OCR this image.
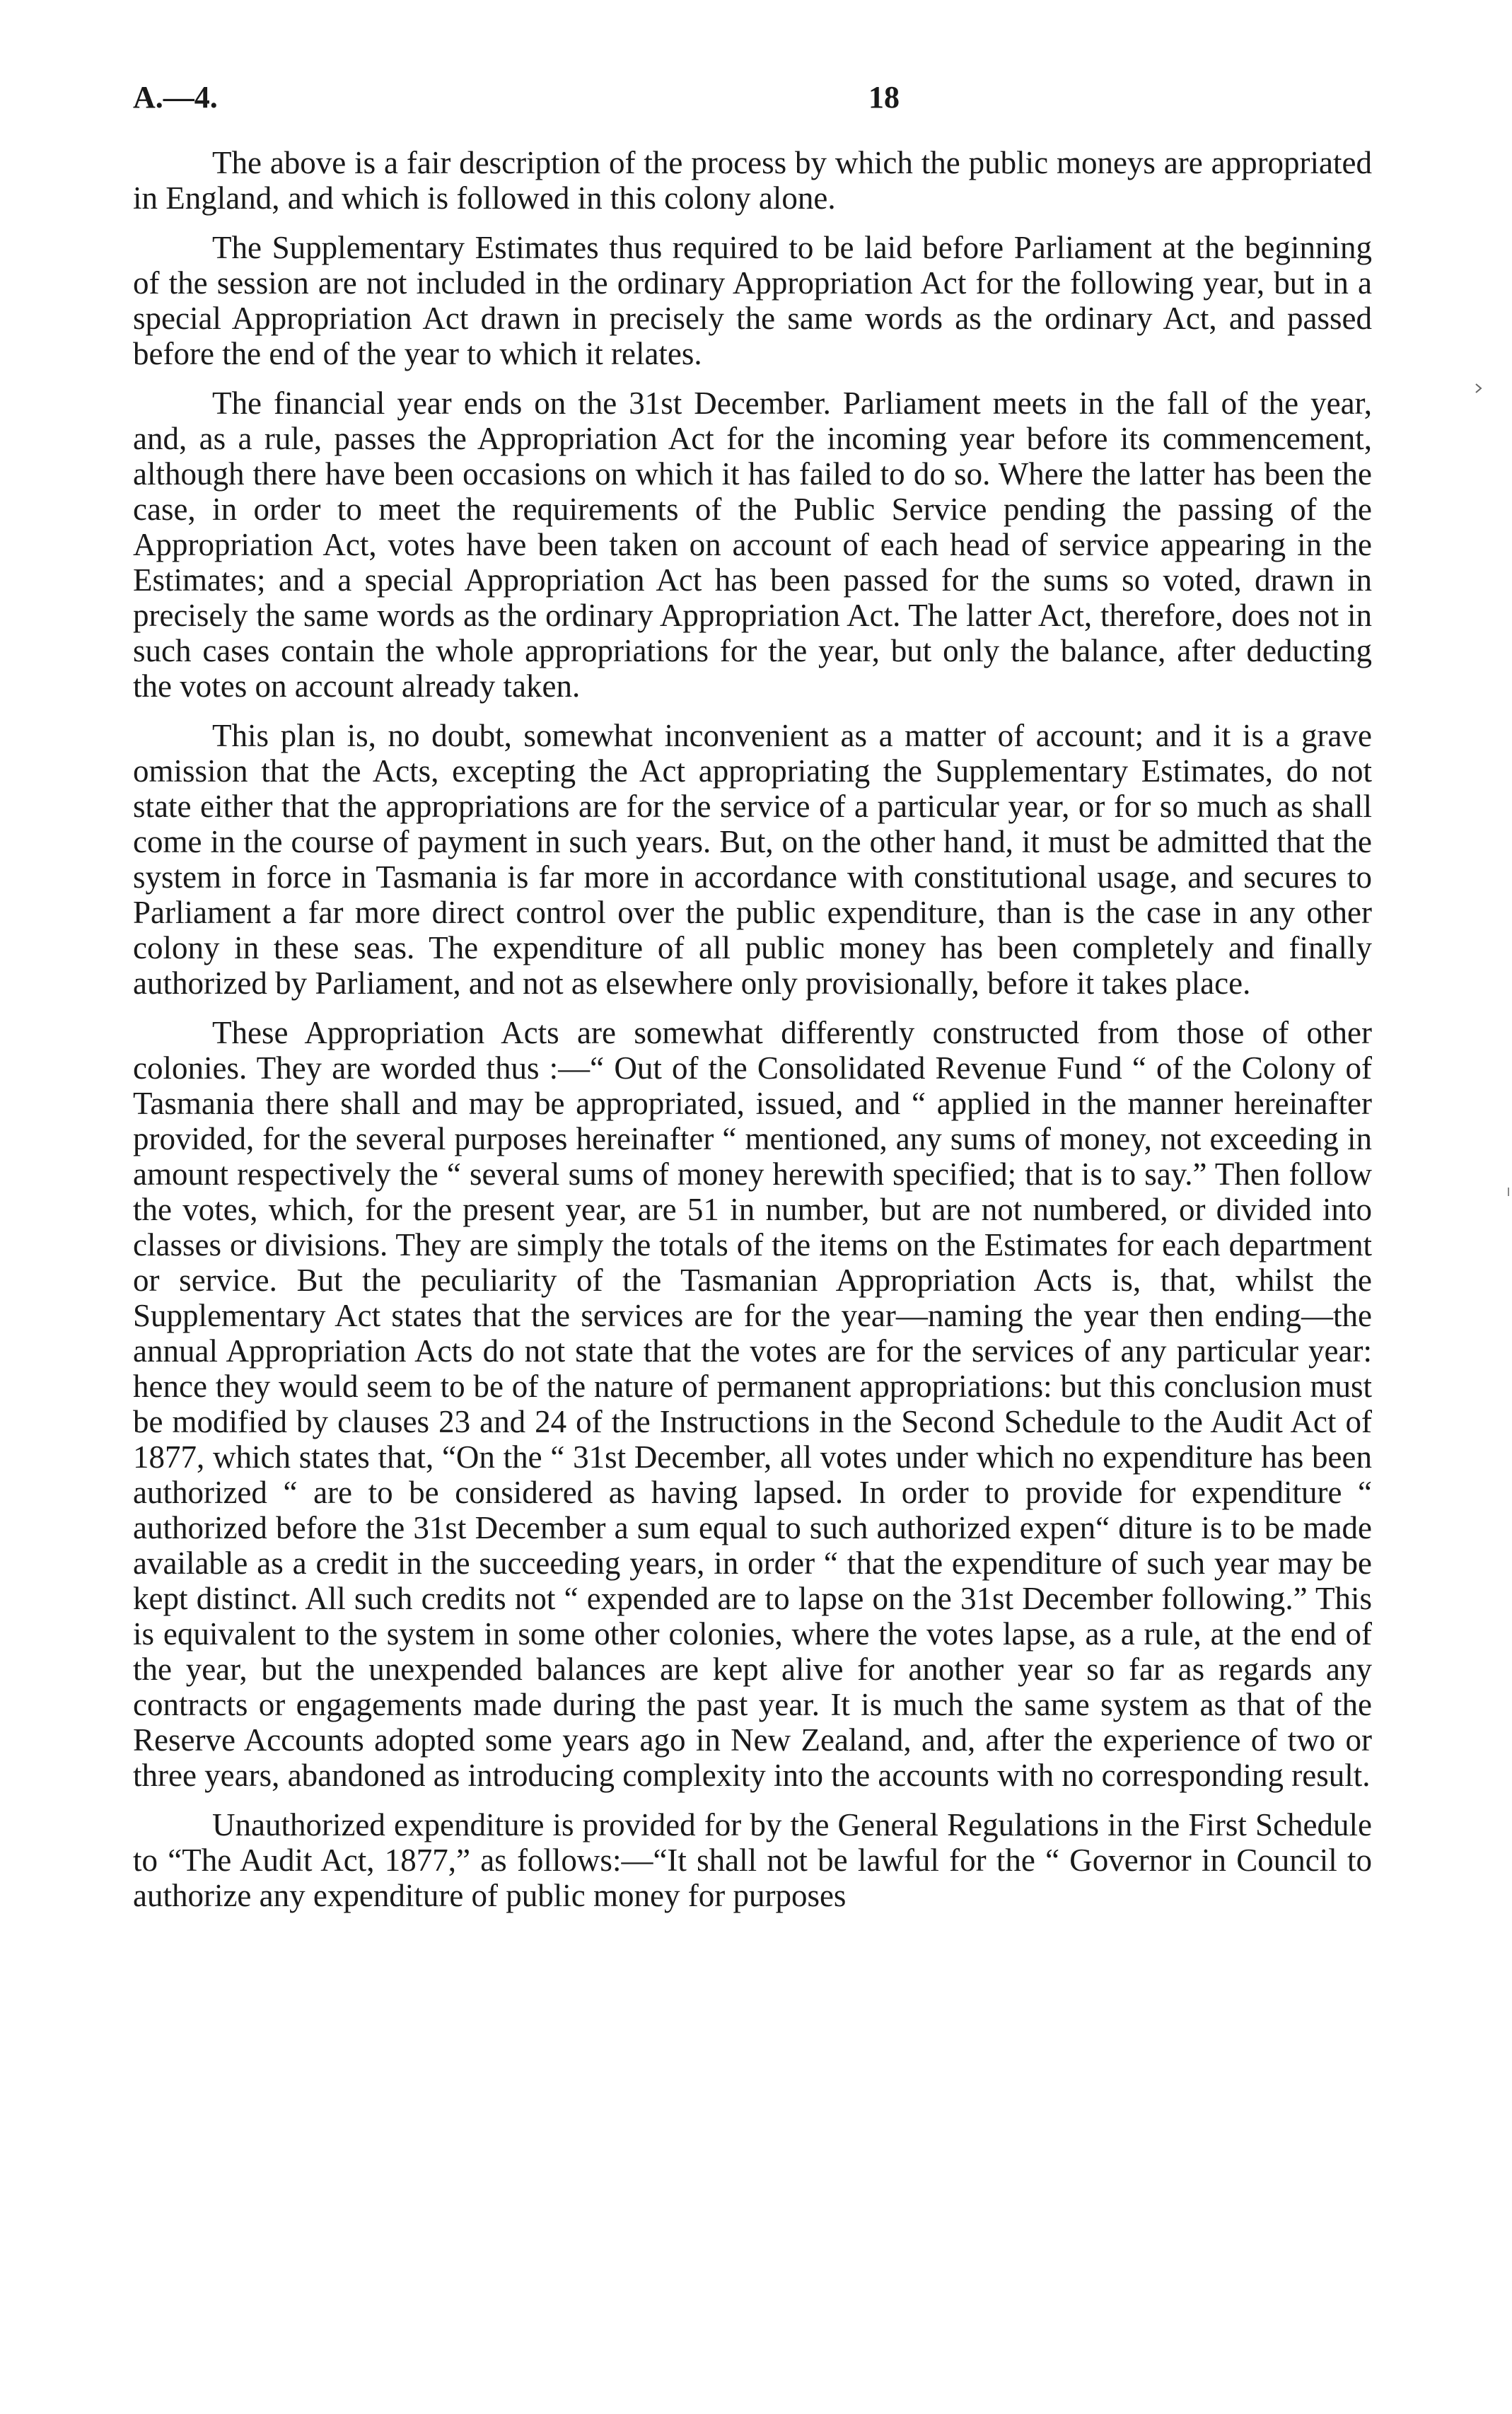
A.—4.	18

The above is a fair description of the process by which the public moneys are appropriated in England, and which is followed in this colony alone.

The Supplementary Estimates thus required to be laid before Parliament at the beginning of the session are not included in the ordinary Appropriation Act for the following year, but in a special Appropriation Act drawn in precisely the same words as the ordinary Act, and passed before the end of the year to which it relates.

The financial year ends on the 31st December. Parliament meets in the fall of the year, and, as a rule, passes the Appropriation Act for the incoming year before its commencement, although there have been occasions on which it has failed to do so. Where the latter has been the case, in order to meet the requirements of the Public Service pending the passing of the Appropriation Act, votes have been taken on account of each head of service appearing in the Estimates; and a special Appropriation Act has been passed for the sums so voted, drawn in precisely the same words as the ordinary Appropriation Act. The latter Act, therefore, does not in such cases contain the whole appropriations for the year, but only the balance, after deducting the votes on account already taken.

This plan is, no doubt, somewhat inconvenient as a matter of account; and it is a grave omission that the Acts, excepting the Act appropriating the Supplementary Estimates, do not state either that the appropriations are for the service of a particular year, or for so much as shall come in the course of payment in such years. But, on the other hand, it must be admitted that the system in force in Tasmania is far more in accordance with constitutional usage, and secures to Parliament a far more direct control over the public expenditure, than is the case in any other colony in these seas. The expenditure of all public money has been completely and finally authorized by Parliament, and not as elsewhere only provisionally, before it takes place.

These Appropriation Acts are somewhat differently constructed from those of other colonies. They are worded thus :—“ Out of the Consolidated Revenue Fund “ of the Colony of Tasmania there shall and may be appropriated, issued, and “ applied in the manner hereinafter provided, for the several purposes hereinafter “ mentioned, any sums of money, not exceeding in amount respectively the “ several sums of money herewith specified; that is to say.” Then follow the votes, which, for the present year, are 51 in number, but are not numbered, or divided into classes or divisions. They are simply the totals of the items on the Estimates for each department or service. But the peculiarity of the Tasmanian Appropriation Acts is, that, whilst the Supplementary Act states that the services are for the year—naming the year then ending—the annual Appropriation Acts do not state that the votes are for the services of any particular year: hence they would seem to be of the nature of permanent appropriations: but this conclusion must be modified by clauses 23 and 24 of the Instructions in the Second Schedule to the Audit Act of 1877, which states that, “On the “ 31st December, all votes under which no expenditure has been authorized “ are to be considered as having lapsed. In order to provide for expenditure “ authorized before the 31st December a sum equal to such authorized expen“ diture is to be made available as a credit in the succeeding years, in order “ that the expenditure of such year may be kept distinct. All such credits not “ expended are to lapse on the 31st December following.” This is equivalent to the system in some other colonies, where the votes lapse, as a rule, at the end of the year, but the unexpended balances are kept alive for another year so far as regards any contracts or engagements made during the past year. It is much the same system as that of the Reserve Accounts adopted some years ago in New Zealand, and, after the experience of two or three years, abandoned as introducing complexity into the accounts with no corresponding result.

Unauthorized expenditure is provided for by the General Regulations in the First Schedule to “The Audit Act, 1877,” as follows:—“It shall not be lawful for the “ Governor in Council to authorize any expenditure of public money for purposes
